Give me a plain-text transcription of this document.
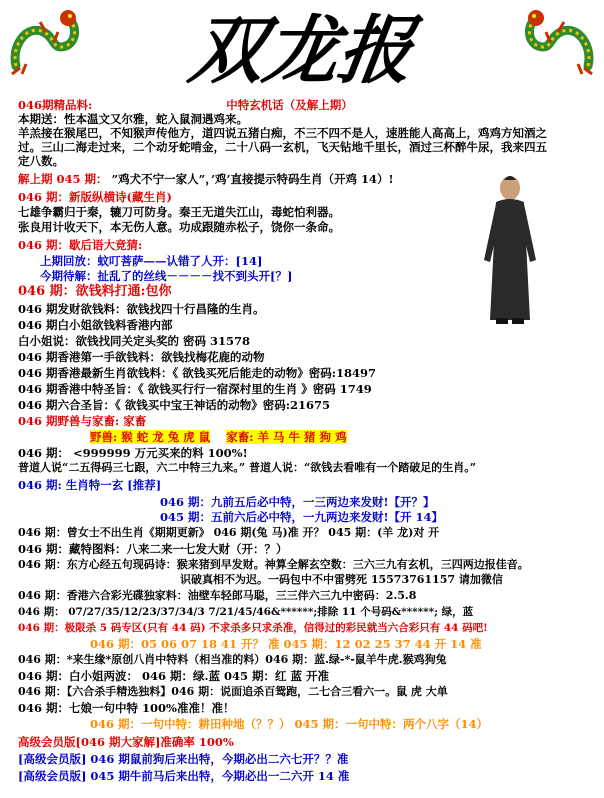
双龙报
046期精品料:	中特玄机话（及解上期）
本期送：性本温文又尔雅，蛇入鼠洞遇鸡来。
羊羔接在猴尾巴，不知猴声传他方，道四说五猪白痴，不三不四不是人，速胜能人高高上，鸡鸡方知酒之过。三山二海走过来，二个动牙蛇啃金，二十八码一玄机，飞天钻地千里长，酒过三杯醉牛尿，我来四五定八数。
解上期 045 期： ”鸡犬不宁一家人”，’鸡’直接提示特码生肖（开鸡 14）!
046 期：新版纵横诗(藏生肖)
七雄争霸归于秦，辘刀可防身。秦王无道失江山，毒蛇怕利器。
张良用计收天下，本无伤人意。功成跟随赤松子，饶你一条命。
046 期：歇后语大竞猜:
上期回放：蚊叮菩萨——认错了人开：[14]
今期待解：扯乱了的丝线－－－－找不到头开[？]
046 期：欲钱料打通:包你
046 期发财欲钱料：欲钱找四十行昌隆的生肖。
046 期白小姐欲钱料香港内部
白小姐说：欲钱找同关定头奖的 密码 31578
046 期香港第一手欲钱料：欲钱找梅花鹿的动物
046 期香港最新生肖欲钱料：《 欲钱买死后能走的动物》密码:18497
046 期香港中特圣旨：《 欲钱买行行一宿深村里的生肖 》密码 1749
046 期六合圣旨：《 欲钱买中宝王神话的动物》密码:21675
046 期野兽与家畜: 家畜
野兽: 猴 蛇 龙 兔 虎 鼠 家畜: 羊 马 牛 猪 狗 鸡
046 期： <999999 万元买来的料 100%!
普道人说“二五得码三七跟，六二中特三九来。” 普道人说：“欲钱去看唯有一个踏破足的生肖。”
046 期: 生肖特一玄 [推荐]
046 期：九前五后必中特，一三两边来发财!【开？】
045 期：五前六后必中特，一九两边来发财!【开 14】
046 期：曾女士不出生肖《期期更新》 046 期(兔 马)准 开？ 045 期：(羊 龙)对 开
046 期：藏特图料：八来二来一七发大财（开：？）
046 期：东方心经五句现码诗：猴来猪到早发财。神算全解玄空数：三六三九有玄机，三四两边报佳音。
识破真相不为迟。一码包中不中雷劈死 15573761157 请加微信
046 期：香港六合彩光碟独家料：油壁车轻郎马聪，三三伴六三九中密码：2.5.8
046 期： 07/27/35/12/23/37/34/3 7/21/45/46&******;排除 11 个号码&******; 绿，蓝
046 期：极限杀 5 码专区(只有 44 码) 不求杀多只求杀准，信得过的彩民就当六合彩只有 44 码吧!
046 期：05 06 07 18 41 开？ 准 045 期：12 02 25 37 44 开 14 准
046 期：*来生缘*原创八肖中特料（相当准的料）046 期：蓝.绿-*-鼠羊牛虎.猴鸡狗兔
046 期：白小姐两波： 046 期：绿.蓝 045 期：红 蓝 开准
046 期：【六合杀手精选独料】046 期：说面追杀百鸳跑，二七合三看六一。鼠 虎 大单
046 期：七娘一句中特 100%准准！准！
046 期：一句中特：耕田种地（？？） 045 期：一句中特：两个八字（14）
高级会员版[046 期大家解]准确率 100%
[高级会员版] 046 期鼠前狗后来出特，今期必出二六七开？？准
[高级会员版] 045 期牛前马后来出特，今期必出一二六开 14 准
